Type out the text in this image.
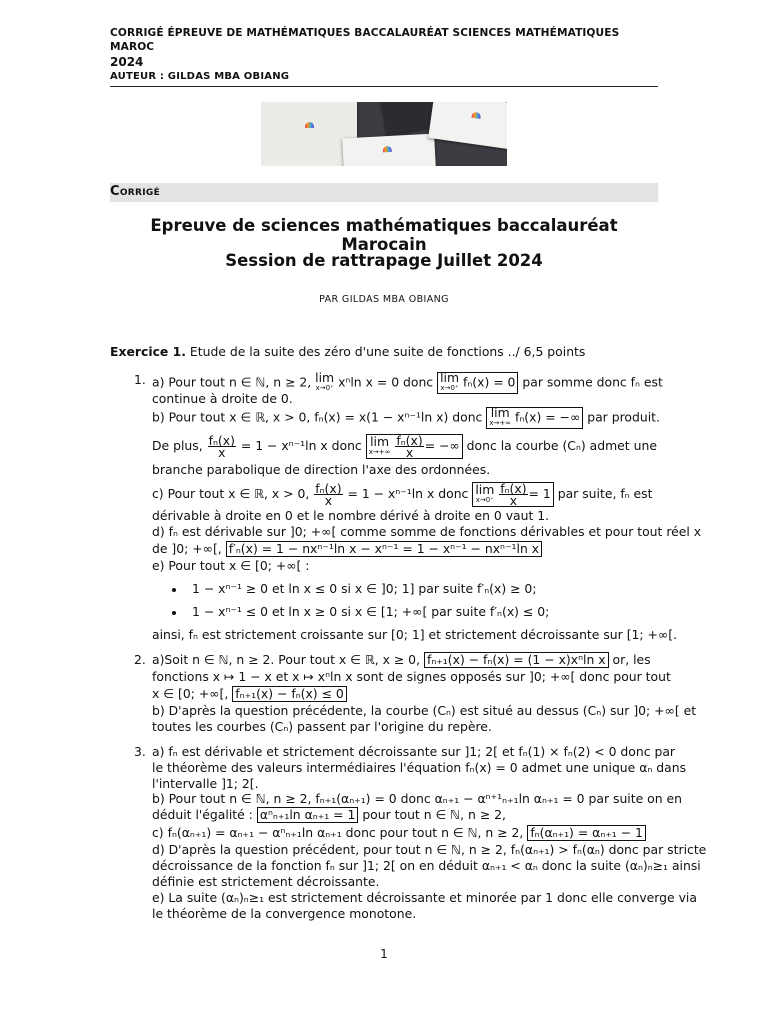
CORRIGÉ ÉPREUVE DE MATHÉMATIQUES BACCALAURÉAT SCIENCES MATHÉMATIQUES MAROC
2024
AUTEUR : GILDAS MBA OBIANG
Corrigé
Epreuve de sciences mathématiques baccalauréat Marocain
Session de rattrapage Juillet 2024
PAR GILDAS MBA OBIANG
Exercice 1. Etude de la suite des zéro d'une suite de fonctions ../ 6,5 points
1. a) Pour tout n ∈ ℕ, n ≥ 2, lim
x→0⁺ xⁿln x = 0 donc lim
x→0⁺ fₙ(x) = 0 par somme donc fₙ est
continue à droite de 0.
b) Pour tout x ∈ ℝ, x > 0, fₙ(x) = x(1 − xⁿ⁻¹ln x) donc lim
x→+∞ fₙ(x) = −∞ par produit.
De plus, $\frac{\text{fₙ(x)}}{x} = 1 - x^{n-1}\ln$ x donc lim
x→+∞
$\frac{\text{fₙ(x)}}{x}$ = −∞ donc la courbe (Cₙ) admet une
branche parabolique de direction l'axe des ordonnées.
c) Pour tout x ∈ ℝ, x > 0, $\frac{\text{fₙ(x)}}{x} = 1 - x^{n-1}\ln$ x donc lim
x→0⁺
$\frac{\text{fₙ(x)}}{x} = 1$ par suite, fₙ est
dérivable à droite en 0 et le nombre dérivé à droite en 0 vaut 1.
d) fₙ est dérivable sur ]0; +∞[ comme somme de fonctions dérivables et pour tout réel x
de ]0; +∞[, f′ₙ(x) = 1 − nxⁿ⁻¹ln x − xⁿ⁻¹ = 1 − xⁿ⁻¹ − nxⁿ⁻¹ln x
e) Pour tout x ∈ [0; +∞[ :
1 − xⁿ⁻¹ ≥ 0 et ln x ≤ 0 si x ∈ ]0; 1] par suite f′ₙ(x) ≥ 0;
1 − xⁿ⁻¹ ≤ 0 et ln x ≥ 0 si x ∈ [1; +∞[ par suite f′ₙ(x) ≤ 0;
ainsi, fₙ est strictement croissante sur [0; 1] et strictement décroissante sur [1; +∞[.
2. a)Soit n ∈ ℕ, n ≥ 2. Pour tout x ∈ ℝ, x ≥ 0, fₙ₊₁(x) − fₙ(x) = (1 − x)xⁿln x or, les
fonctions x ↦ 1 − x et x ↦ xⁿln x sont de signes opposés sur ]0; +∞[ donc pour tout
x ∈ [0; +∞[, fₙ₊₁(x) − fₙ(x) ≤ 0
b) D'après la question précédente, la courbe (Cₙ) est situé au dessus (Cₙ) sur ]0; +∞[ et
toutes les courbes (Cₙ) passent par l'origine du repère.
3. a) fₙ est dérivable et strictement décroissante sur ]1; 2[ et fₙ(1) × fₙ(2) < 0 donc par
le théorème des valeurs intermédiaires l'équation fₙ(x) = 0 admet une unique αₙ dans
l'intervalle ]1; 2[.
b) Pour tout n ∈ ℕ, n ≥ 2, fₙ₊₁(αₙ₊₁) = 0 donc αₙ₊₁ − αⁿ⁺¹ₙ₊₁ln αₙ₊₁ = 0 par suite on en
déduit l'égalité : αⁿₙ₊₁ln αₙ₊₁ = 1 pour tout n ∈ ℕ, n ≥ 2,
c) fₙ(αₙ₊₁) = αₙ₊₁ − αⁿₙ₊₁ln αₙ₊₁ donc pour tout n ∈ ℕ, n ≥ 2, fₙ(αₙ₊₁) = αₙ₊₁ − 1
d) D'après la question précédent, pour tout n ∈ ℕ, n ≥ 2, fₙ(αₙ₊₁) > fₙ(αₙ) donc par stricte
décroissance de la fonction fₙ sur ]1; 2[ on en déduit αₙ₊₁ < αₙ donc la suite (αₙ)ₙ≥₁ ainsi
définie est strictement décroissante.
e) La suite (αₙ)ₙ≥₁ est strictement décroissante et minorée par 1 donc elle converge via
le théorème de la convergence monotone.
1
